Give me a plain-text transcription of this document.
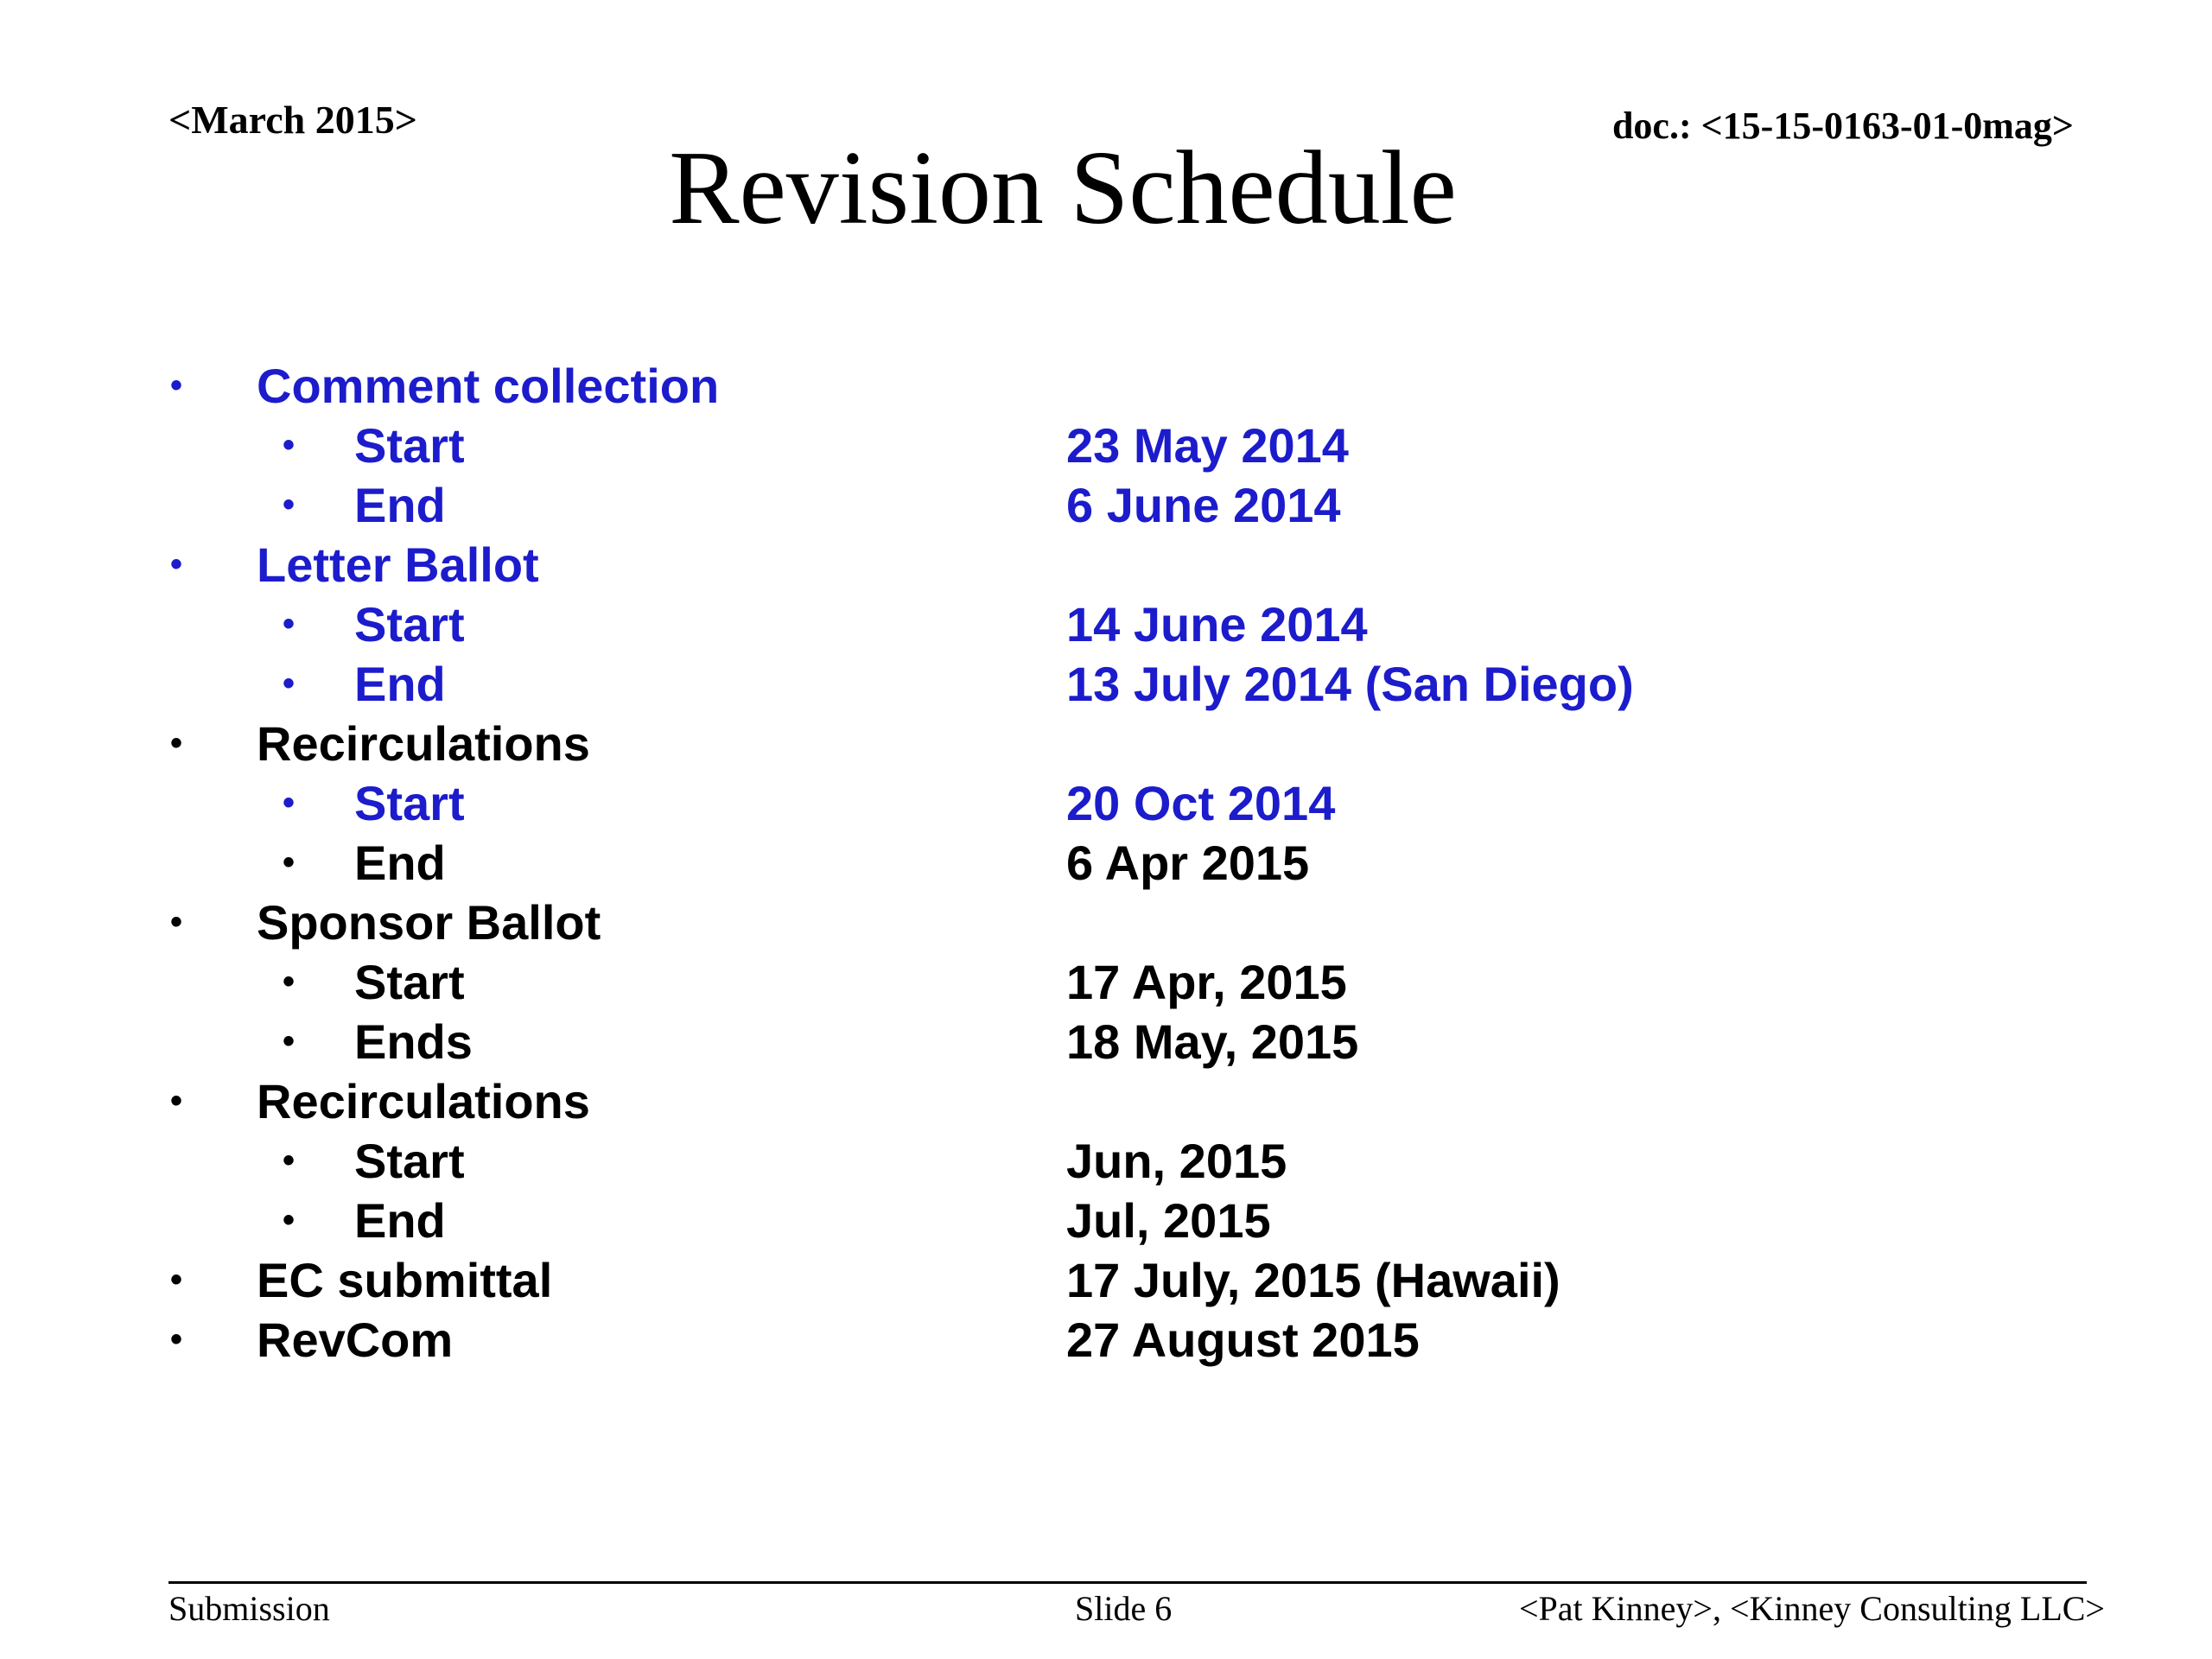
<March 2015>	doc.: <15-15-0163-01-0mag>
Revision Schedule
• Comment collection
• Start	23 May 2014
• End	6 June 2014
• Letter Ballot
• Start	14 June 2014
• End	13 July 2014 (San Diego)
• Recirculations
• Start	20 Oct 2014
• End	6 Apr 2015
• Sponsor Ballot
• Start	17 Apr, 2015
• Ends	18 May, 2015
• Recirculations
• Start	Jun, 2015
• End	Jul, 2015
• EC submittal	17 July, 2015 (Hawaii)
• RevCom	27 August 2015
Submission	Slide 6	<Pat Kinney>, <Kinney Consulting LLC>
